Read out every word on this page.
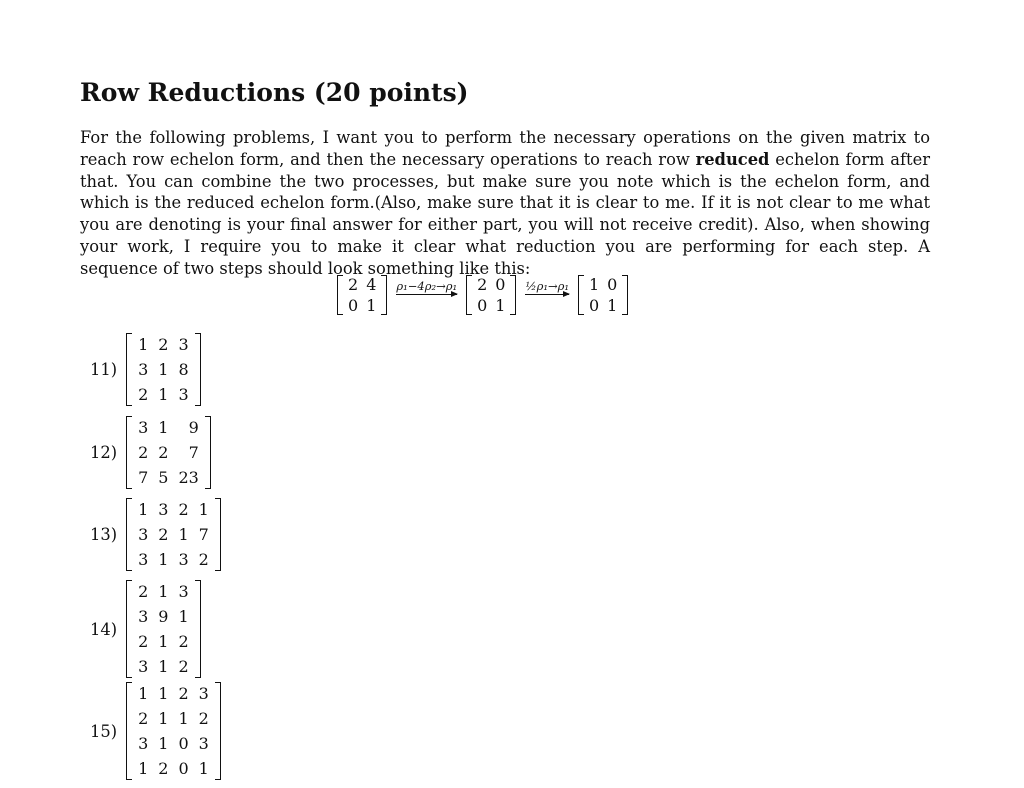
Row Reductions (20 points)

For the following problems, I want you to perform the necessary operations on the given matrix to reach row echelon form, and then the necessary operations to reach row reduced echelon form after that. You can combine the two processes, but make sure you note which is the echelon form, and which is the reduced echelon form.(Also, make sure that it is clear to me. If it is not clear to me what you are denoting is your final answer for either part, you will not receive credit). Also, when showing your work, I require you to make it clear what reduction you are performing for each step. A sequence of two steps should look something like this:

2	4
0	1
ρ₁−4ρ₂→ρ₁ 2	0
0	1
½ρ₁→ρ₁ 1	0
0	1
11)
1	2	3
3	1	8
2	1	3
12)
3	1	9
2	2	7
7	5	23
13)
1	3	2	1
3	2	1	7
3	1	3	2
14)
2	1	3
3	9	1
2	1	2
3	1	2
15)
1	1	2	3
2	1	1	2
3	1	0	3
1	2	0	1
